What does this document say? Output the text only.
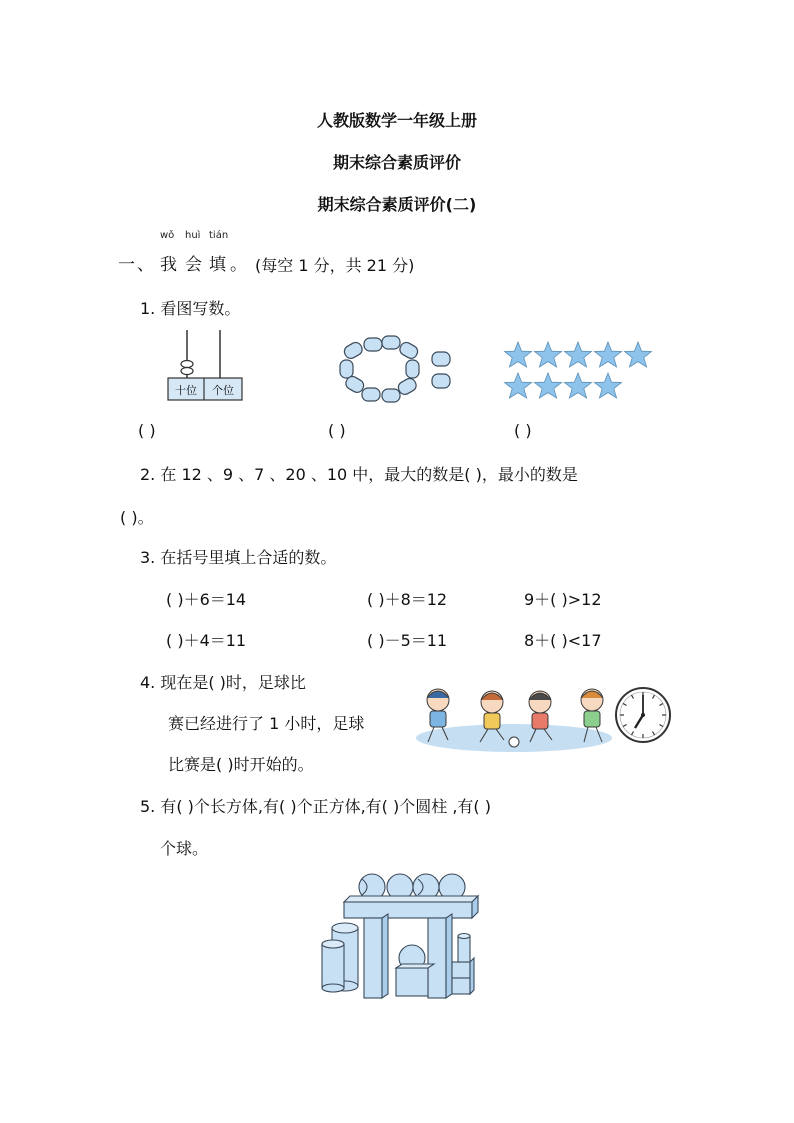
人教版数学一年级上册
期末综合素质评价
期末综合素质评价(二)
wǒ huì tián
一、 我 会 填 。 (每空 1 分，共 21 分)
1. 看图写数。
十位 个位
( )	( )	( )
2. 在 12 、9 、7 、20 、10 中，最大的数是( )，最小的数是
( )。
3. 在括号里填上合适的数。
( )＋6＝14	( )＋8＝12	9＋( )>12
( )＋4＝11	( )－5＝11	8＋( )<17
4. 现在是( )时，足球比
赛已经进行了 1 小时，足球
比赛是( )时开始的。
5. 有( )个长方体,有( )个正方体,有( )个圆柱 ,有( )
个球。
